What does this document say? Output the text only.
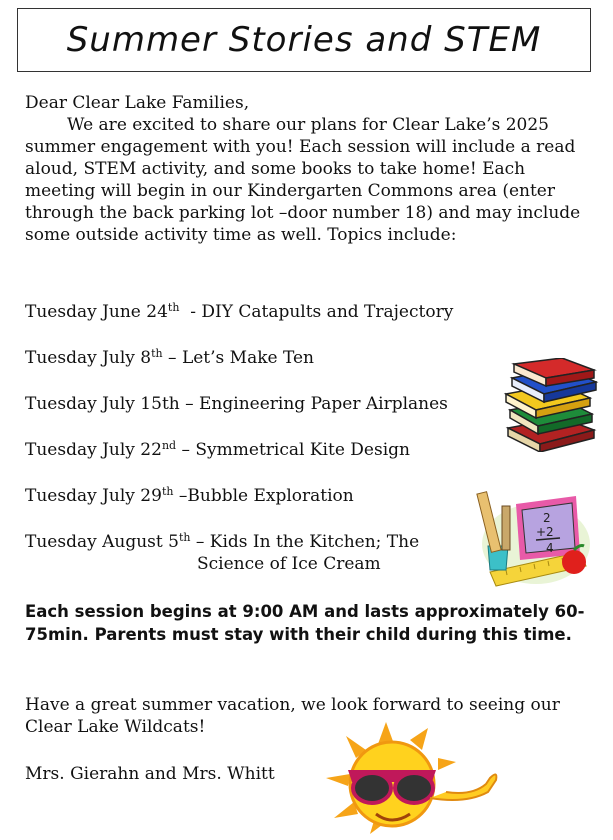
Summer Stories and STEM
Dear Clear Lake Families,
We are excited to share our plans for Clear Lake’s 2025 summer engagement with you! Each session will include a read aloud, STEM activity, and some books to take home! Each meeting will begin in our Kindergarten Commons area (enter through the back parking lot –door number 18) and may include some outside activity time as well. Topics include:
Tuesday June 24th  - DIY Catapults and Trajectory
Tuesday July 8th – Let’s Make Ten
Tuesday July 15th – Engineering Paper Airplanes
Tuesday July 22nd – Symmetrical Kite Design
Tuesday July 29th –Bubble Exploration
Tuesday August 5th – Kids In the Kitchen; The
Science of Ice Cream
Each session begins at 9:00 AM and lasts approximately 60-75min. Parents must stay with their child during this time.
Have a great summer vacation, we look forward to seeing our Clear Lake Wildcats!
Mrs. Gierahn and Mrs. Whitt
2
+2
4
